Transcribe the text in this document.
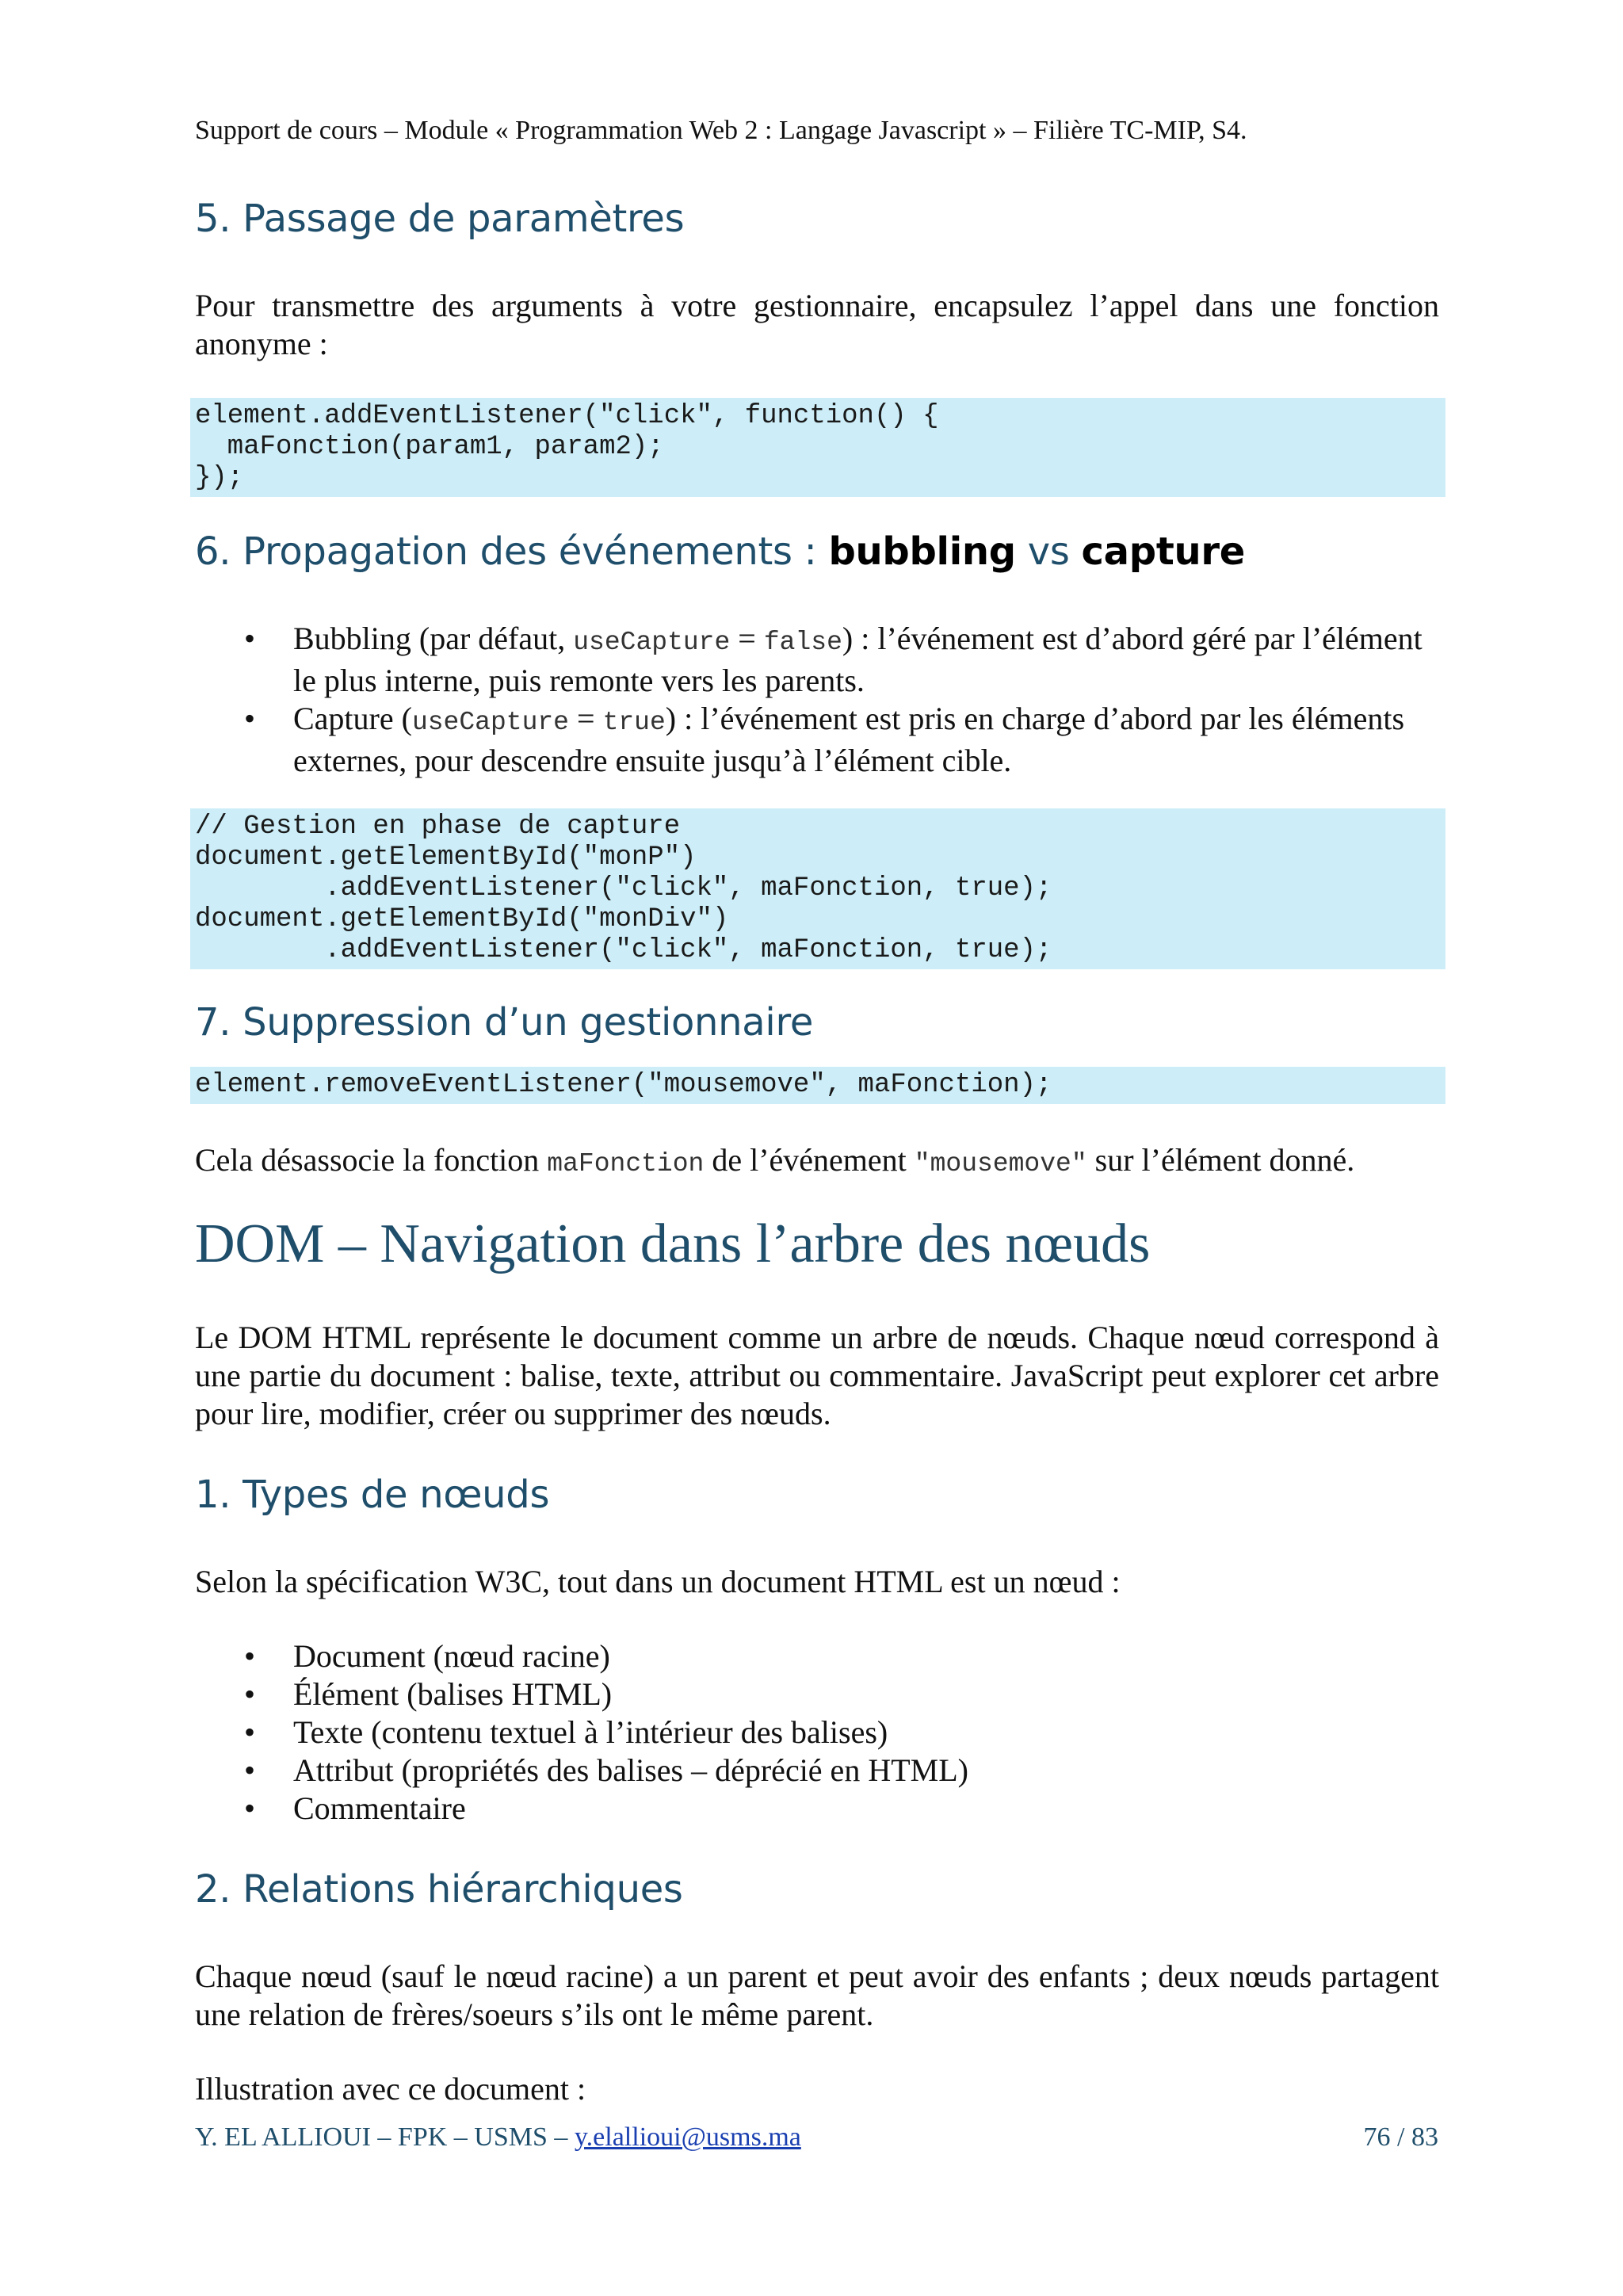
Support de cours – Module « Programmation Web 2 : Langage Javascript » – Filière TC-MIP, S4.
5. Passage de paramètres
Pour transmettre des arguments à votre gestionnaire, encapsulez l’appel dans une fonction anonyme :
element.addEventListener("click", function() {
maFonction(param1, param2);
});
6. Propagation des événements : bubbling vs capture
• Bubbling (par défaut, useCapture = false) : l’événement est d’abord géré par l’élément le plus interne, puis remonte vers les parents.
• Capture (useCapture = true) : l’événement est pris en charge d’abord par les éléments externes, pour descendre ensuite jusqu’à l’élément cible.
// Gestion en phase de capture
document.getElementById("monP")
.addEventListener("click", maFonction, true);
document.getElementById("monDiv")
.addEventListener("click", maFonction, true);
7. Suppression d’un gestionnaire
element.removeEventListener("mousemove", maFonction);
Cela désassocie la fonction maFonction de l’événement "mousemove" sur l’élément donné.
DOM – Navigation dans l’arbre des nœuds
Le DOM HTML représente le document comme un arbre de nœuds. Chaque nœud correspond à une partie du document : balise, texte, attribut ou commentaire. JavaScript peut explorer cet arbre pour lire, modifier, créer ou supprimer des nœuds.
1. Types de nœuds
Selon la spécification W3C, tout dans un document HTML est un nœud :
• Document (nœud racine)
• Élément (balises HTML)
• Texte (contenu textuel à l’intérieur des balises)
• Attribut (propriétés des balises – déprécié en HTML)
• Commentaire
2. Relations hiérarchiques
Chaque nœud (sauf le nœud racine) a un parent et peut avoir des enfants ; deux nœuds partagent une relation de frères/soeurs s’ils ont le même parent.
Illustration avec ce document :
Y. EL ALLIOUI – FPK – USMS – y.elallioui@usms.ma	76 / 83
